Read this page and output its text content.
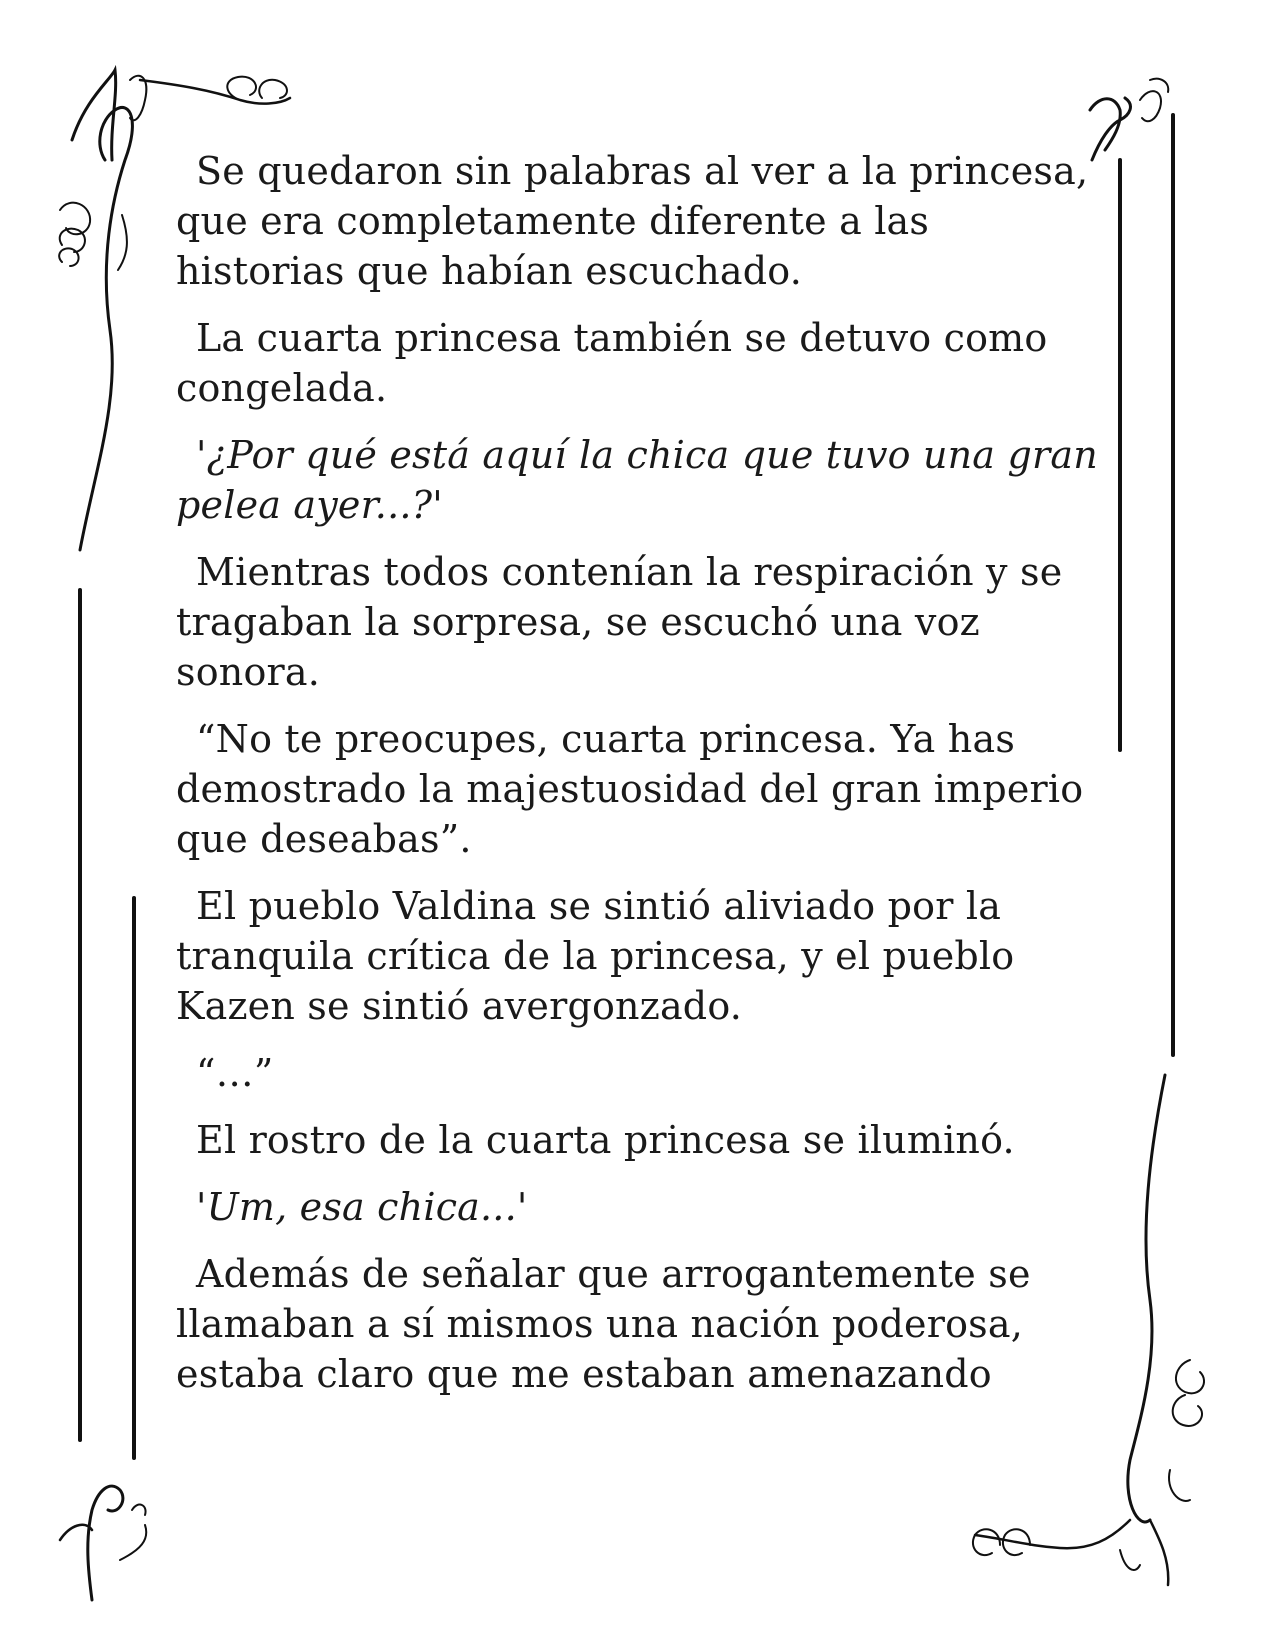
Se quedaron sin palabras al ver a la princesa, que era completamente diferente a las historias que habían escuchado.

La cuarta princesa también se detuvo como congelada.

'¿Por qué está aquí la chica que tuvo una gran pelea ayer...?'

Mientras todos contenían la respiración y se tragaban la sorpresa, se escuchó una voz sonora.

“No te preocupes, cuarta princesa. Ya has demostrado la majestuosidad del gran imperio que deseabas”.

El pueblo Valdina se sintió aliviado por la tranquila crítica de la princesa, y el pueblo Kazen se sintió avergonzado.

“…”

El rostro de la cuarta princesa se iluminó.

'Um, esa chica...'

Además de señalar que arrogantemente se llamaban a sí mismos una nación poderosa, estaba claro que me estaban amenazando
